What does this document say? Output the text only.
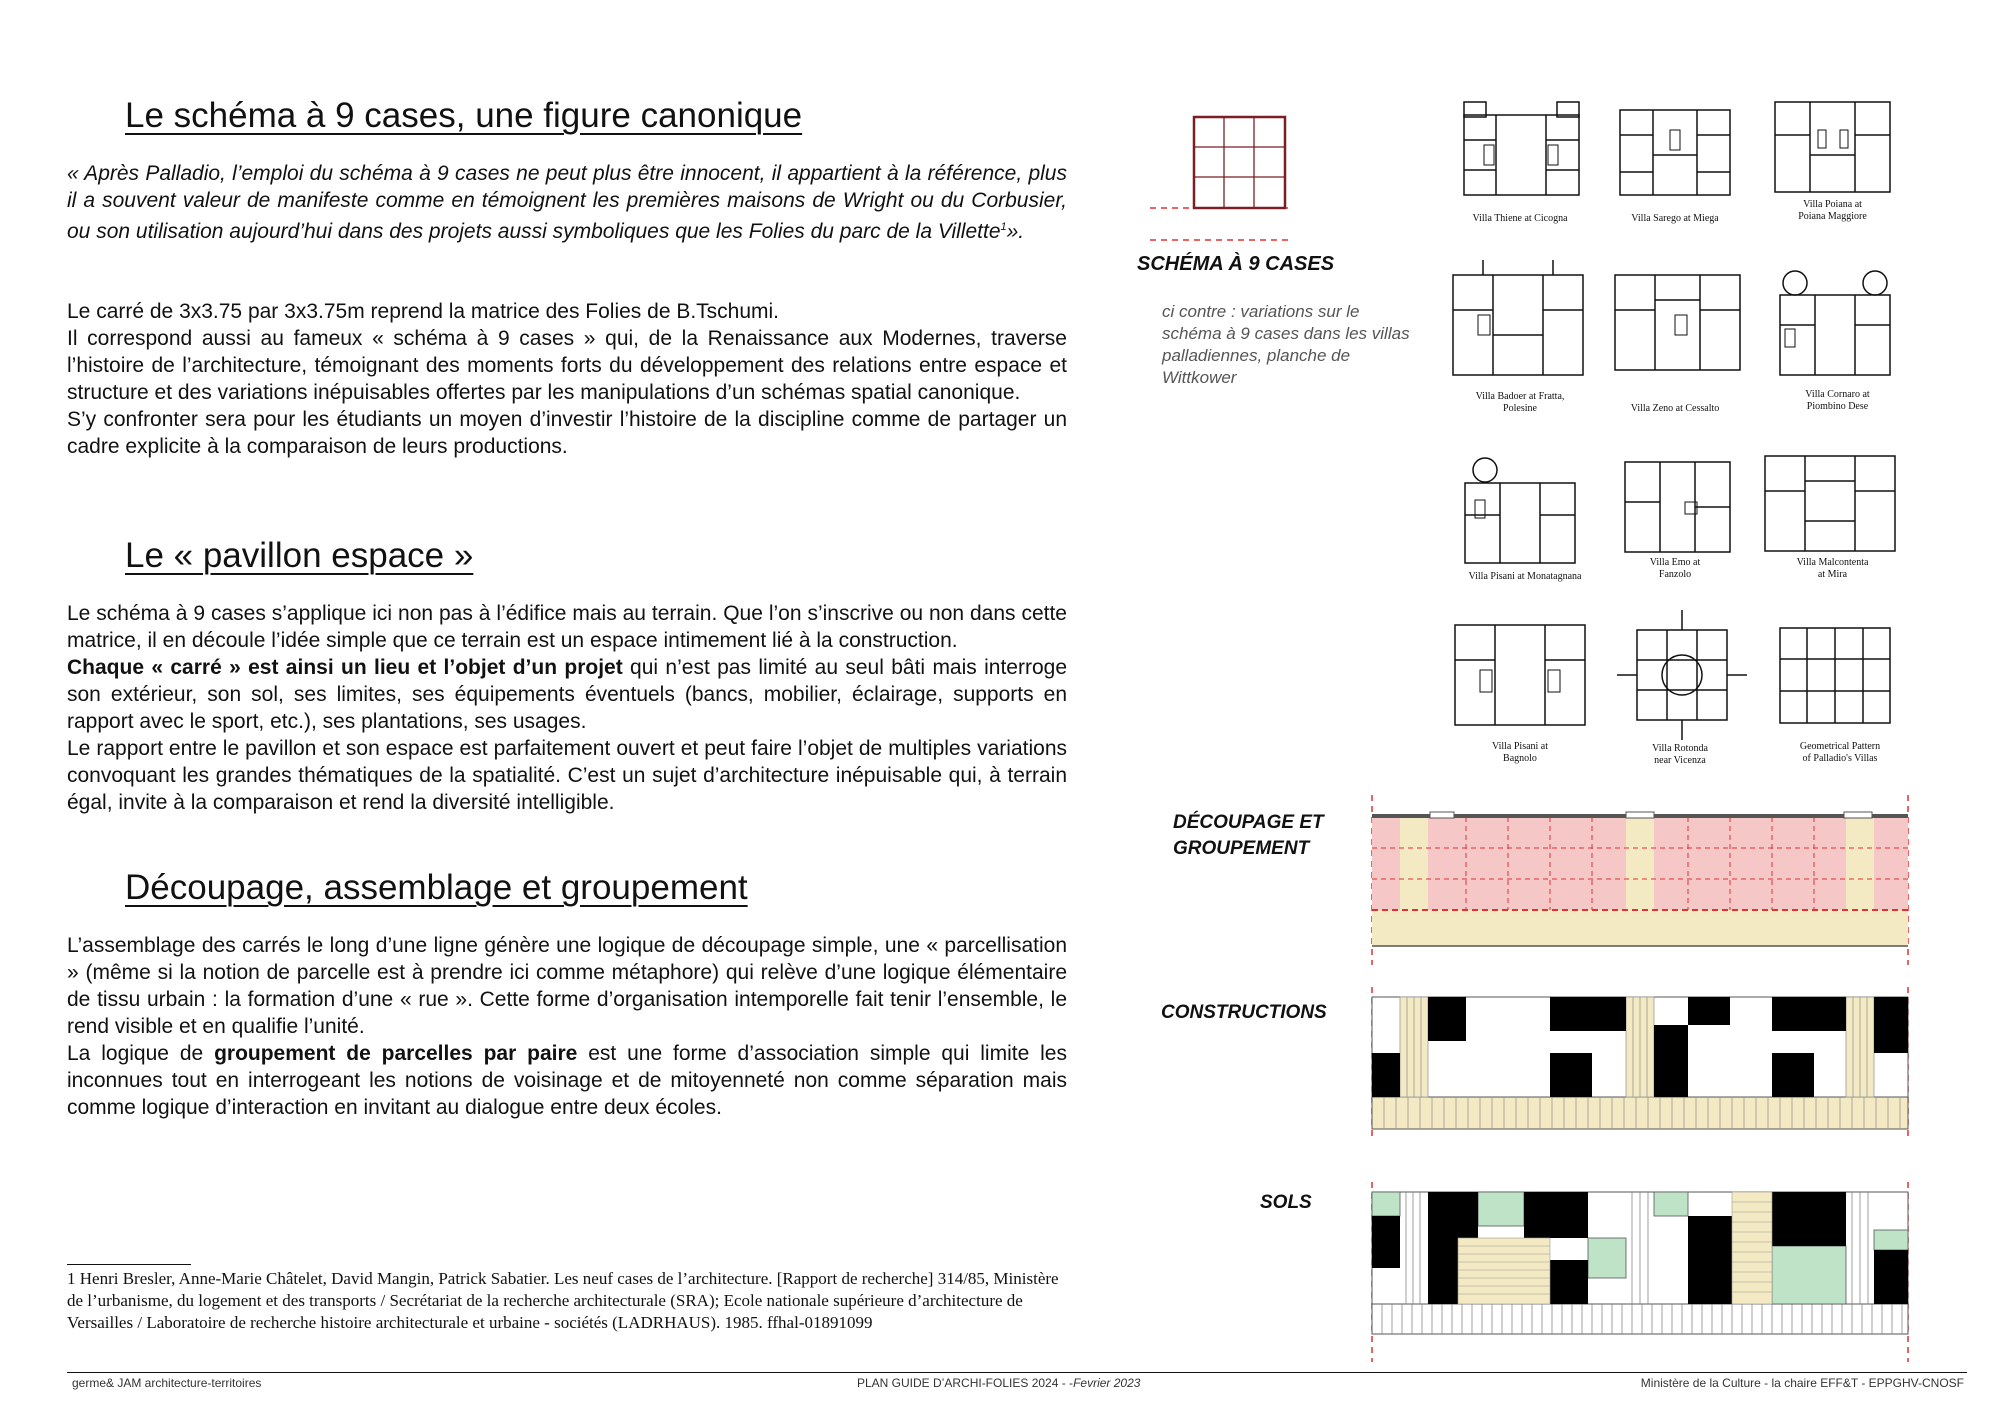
Le schéma à 9 cases, une figure canonique

« Après Palladio, l’emploi du schéma à 9 cases ne peut plus être innocent, il appartient à la référence, plus il a souvent valeur de manifeste comme en témoignent les premières maisons de Wright ou du Corbusier, ou son utilisation aujourd’hui dans des projets aussi symboliques que les Folies du parc de la Villette$^1$».

Le carré de 3x3.75 par 3x3.75m reprend la matrice des Folies de B.Tschumi.

Il correspond aussi au fameux « schéma à 9 cases » qui, de la Renaissance aux Modernes, traverse l’histoire de l’architecture, témoignant des moments forts du développement des relations entre espace et structure et des variations inépuisables offertes par les manipulations d’un schémas spatial canonique.

S’y confronter sera pour les étudiants un moyen d’investir l’histoire de la discipline comme de partager un cadre explicite à la comparaison de leurs productions.

Le « pavillon espace »

Le schéma à 9 cases s’applique ici non pas à l’édifice mais au terrain. Que l’on s’inscrive ou non dans cette matrice, il en découle l’idée simple que ce terrain est un espace intimement lié à la construction.

Chaque « carré » est ainsi un lieu et l’objet d’un projet qui n’est pas limité au seul bâti mais interroge son extérieur, son sol, ses limites, ses équipements éventuels (bancs, mobilier, éclairage, supports en rapport avec le sport, etc.), ses plantations, ses usages.

Le rapport entre le pavillon et son espace est parfaitement ouvert et peut faire l’objet de multiples variations convoquant les grandes thématiques de la spatialité. C’est un sujet d’architecture inépuisable qui, à terrain égal, invite à la comparaison et rend la diversité intelligible.

Découpage, assemblage et groupement

L’assemblage des carrés le long d’une ligne génère une logique de découpage simple, une « parcellisation » (même si la notion de parcelle est à prendre ici comme métaphore) qui relève d’une logique élémentaire de tissu urbain : la formation d’une « rue ». Cette forme d’organisation intemporelle fait tenir l’ensemble, le rend visible et en qualifie l’unité.

La logique de groupement de parcelles par paire est une forme d’association simple qui limite les inconnues tout en interrogeant les notions de voisinage et de mitoyenneté non comme séparation mais comme logique d’interaction en invitant au dialogue entre deux écoles.

1 Henri Bresler, Anne-Marie Châtelet, David Mangin, Patrick Sabatier. Les neuf cases de l’architecture. [Rapport de recherche] 314/85, Ministère de l’urbanisme, du logement et des transports / Secrétariat de la recherche architecturale (SRA); Ecole nationale supérieure d’architecture de Versailles / Laboratoire de recherche histoire architecturale et urbaine - sociétés (LADRHAUS). 1985. ffhal-01891099
SCHÉMA À 9 CASES
ci contre : variations sur le schéma à 9 cases dans les villas palladiennes, planche de Wittkower
Villa Thiene at Cicogna	Villa Sarego at Miega
Villa Poiana at
Poiana Maggiore
Villa Badoer at Fratta,
Polesine	Villa Zeno at Cessalto
Villa Cornaro at
Piombino Dese
Villa Pisani at Monatagnana
Villa Emo at
Fanzolo
Villa Malcontenta
at Mira
Villa Pisani at
Bagnolo
Villa Rotonda
near Vicenza
Geometrical Pattern
of Palladio's Villas
DÉCOUPAGE ET
GROUPEMENT
CONSTRUCTIONS
SOLS
germe& JAM architecture-territoires	PLAN GUIDE D’ARCHI-FOLIES 2024 - -Fevrier 2023	Ministère de la Culture - la chaire EFF&T - EPPGHV-CNOSF
